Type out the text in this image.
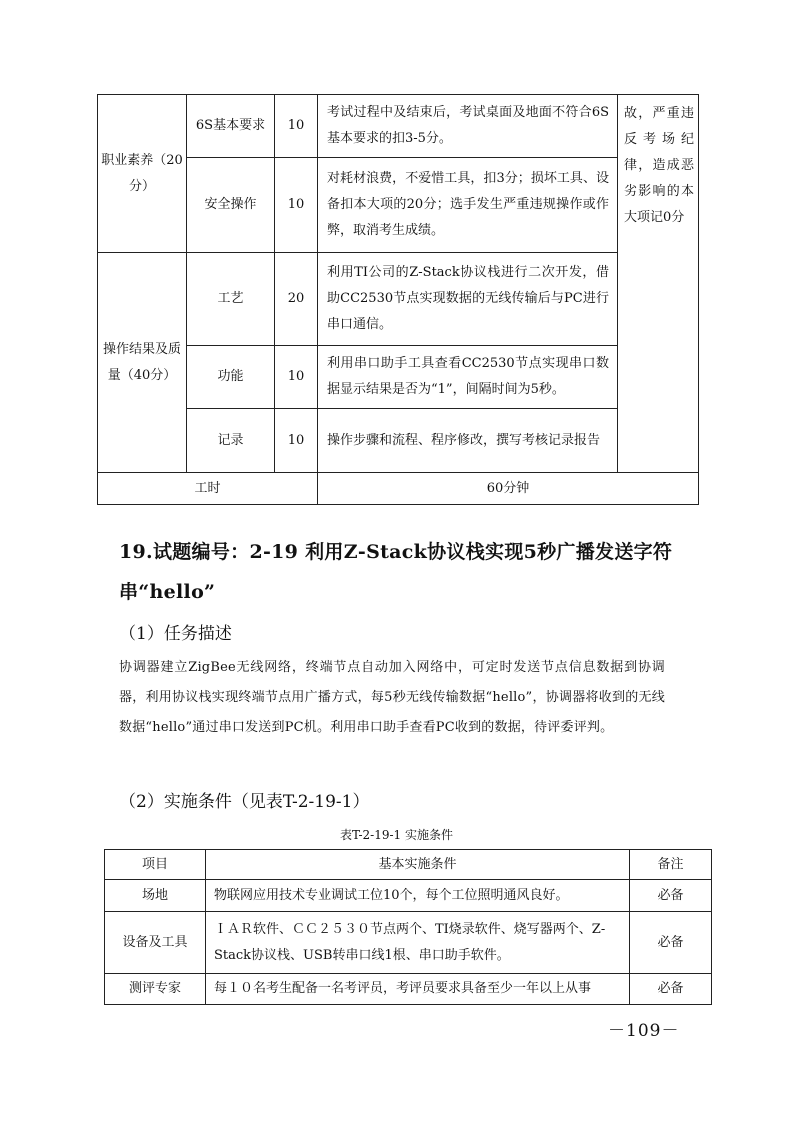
职业素养（20分）	6S基本要求	10	考试过程中及结束后，考试桌面及地面不符合6S基本要求的扣3-5分。	故，严重违反考场纪律，造成恶劣影响的本大项记0分
	安全操作	10	对耗材浪费，不爱惜工具，扣3分；损坏工具、设备扣本大项的20分；选手发生严重违规操作或作弊，取消考生成绩。	
操作结果及质量（40分）	工艺	20	利用TI公司的Z-Stack协议栈进行二次开发，借助CC2530节点实现数据的无线传输后与PC进行串口通信。	
	功能	10	利用串口助手工具查看CC2530节点实现串口数据显示结果是否为“1”，间隔时间为5秒。	
	记录	10	操作步骤和流程、程序修改，撰写考核记录报告	
工时			60分钟	
19.试题编号：2-19 利用Z-Stack协议栈实现5秒广播发送字符串“hello”
（1）任务描述
协调器建立ZigBee无线网络，终端节点自动加入网络中，可定时发送节点信息数据到协调器，利用协议栈实现终端节点用广播方式，每5秒无线传输数据“hello”，协调器将收到的无线数据“hello”通过串口发送到PC机。利用串口助手查看PC收到的数据，待评委评判。
（2）实施条件（见表T-2-19-1）
表T-2-19-1 实施条件
项目	基本实施条件	备注
场地	物联网应用技术专业调试工位10个，每个工位照明通风良好。	必备
设备及工具	ＩＡＲ软件、ＣＣ２５３０节点两个、TI烧录软件、烧写器两个、Z-Stack协议栈、USB转串口线1根、串口助手软件。	必备
测评专家	每１０名考生配备一名考评员，考评员要求具备至少一年以上从事	必备
－109－
